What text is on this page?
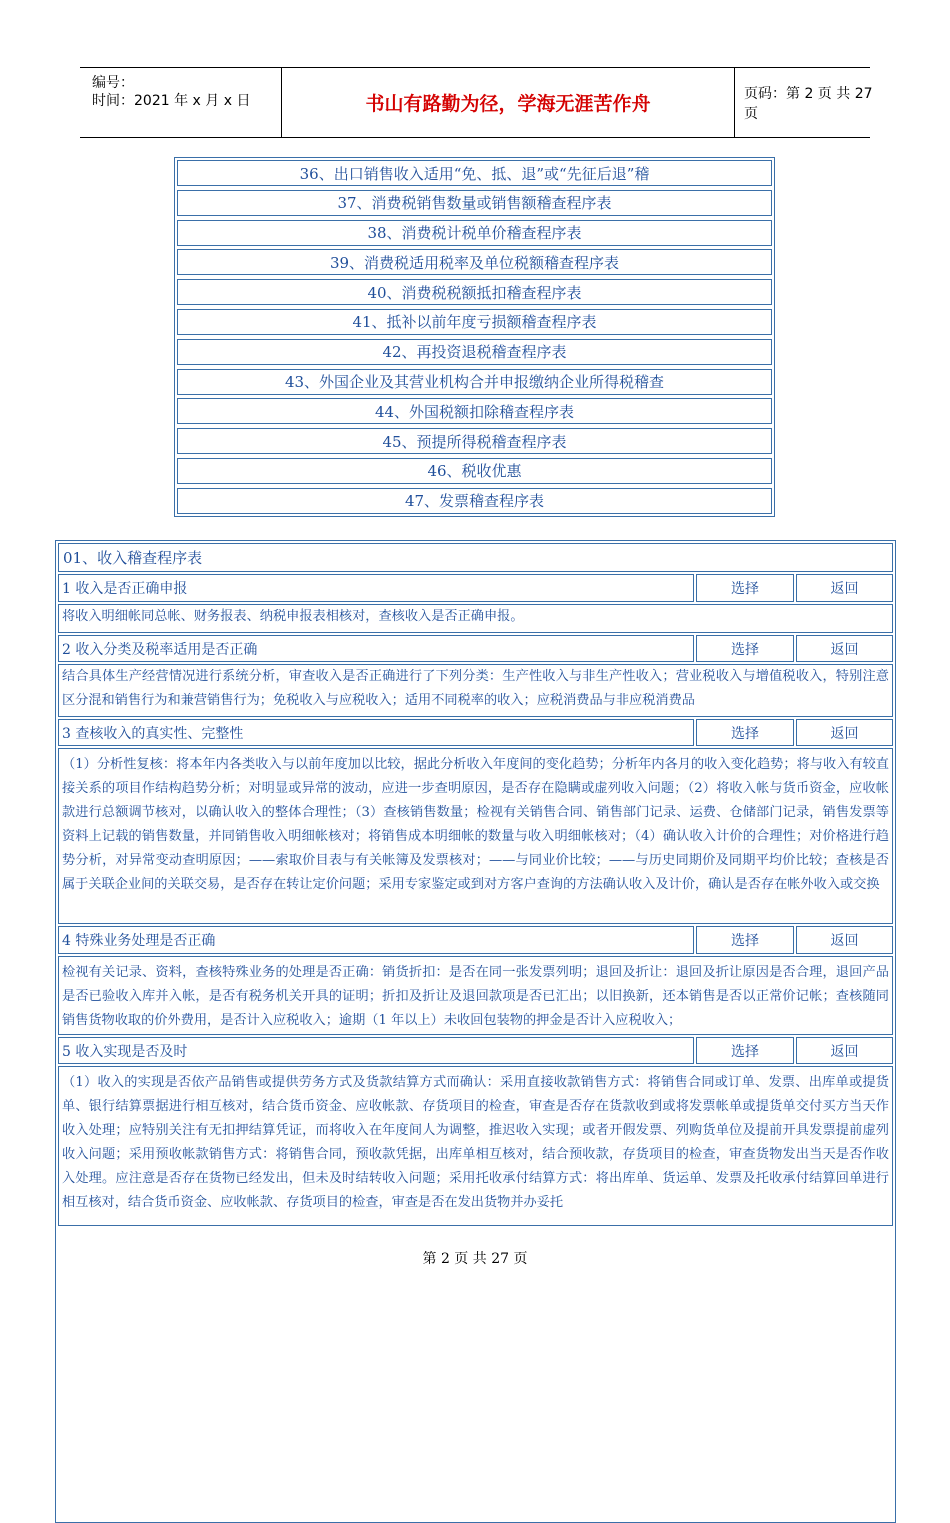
编号：
时间：2021 年 x 月 x 日	书山有路勤为径，学海无涯苦作舟	页码：第 2 页 共 27 页
36、出口销售收入适用“免、抵、退”或“先征后退”稽
37、消费税销售数量或销售额稽查程序表
38、消费税计税单价稽查程序表
39、消费税适用税率及单位税额稽查程序表
40、消费税税额抵扣稽查程序表
41、抵补以前年度亏损额稽查程序表
42、再投资退税稽查程序表
43、外国企业及其营业机构合并申报缴纳企业所得税稽查
44、外国税额扣除稽查程序表
45、预提所得税稽查程序表
46、税收优惠
47、发票稽查程序表
01、收入稽查程序表
1 收入是否正确申报	选择	返回
将收入明细帐同总帐、财务报表、纳税申报表相核对，查核收入是否正确申报。
2 收入分类及税率适用是否正确	选择	返回
结合具体生产经营情况进行系统分析，审查收入是否正确进行了下列分类：生产性收入与非生产性收入；营业税收入与增值税收入，特别注意区分混和销售行为和兼营销售行为；免税收入与应税收入；适用不同税率的收入；应税消费品与非应税消费品
3 查核收入的真实性、完整性	选择	返回
（1）分析性复核：将本年内各类收入与以前年度加以比较，据此分析收入年度间的变化趋势；分析年内各月的收入变化趋势；将与收入有较直接关系的项目作结构趋势分析；对明显或异常的波动，应进一步查明原因，是否存在隐瞒或虚列收入问题；（2）将收入帐与货币资金，应收帐款进行总额调节核对，以确认收入的整体合理性；（3）查核销售数量；检视有关销售合同、销售部门记录、运费、仓储部门记录，销售发票等资料上记载的销售数量，并同销售收入明细帐核对；将销售成本明细帐的数量与收入明细帐核对；（4）确认收入计价的合理性；对价格进行趋势分析，对异常变动查明原因；——索取价目表与有关帐簿及发票核对；——与同业价比较；——与历史同期价及同期平均价比较；查核是否属于关联企业间的关联交易，是否存在转让定价问题；采用专家鉴定或到对方客户查询的方法确认收入及计价，确认是否存在帐外收入或交换
4 特殊业务处理是否正确	选择	返回
检视有关记录、资料，查核特殊业务的处理是否正确：销货折扣：是否在同一张发票列明；退回及折让：退回及折让原因是否合理，退回产品是否已验收入库并入帐，是否有税务机关开具的证明；折扣及折让及退回款项是否已汇出；以旧换新，还本销售是否以正常价记帐；查核随同销售货物收取的价外费用，是否计入应税收入；逾期（1 年以上）未收回包装物的押金是否计入应税收入；
5 收入实现是否及时	选择	返回
（1）收入的实现是否依产品销售或提供劳务方式及货款结算方式而确认：采用直接收款销售方式：将销售合同或订单、发票、出库单或提货单、银行结算票据进行相互核对，结合货币资金、应收帐款、存货项目的检查，审查是否存在货款收到或将发票帐单或提货单交付买方当天作收入处理；应特别关注有无扣押结算凭证，而将收入在年度间人为调整，推迟收入实现；或者开假发票、列购货单位及提前开具发票提前虚列收入问题；采用预收帐款销售方式：将销售合同，预收款凭据，出库单相互核对，结合预收款，存货项目的检查，审查货物发出当天是否作收入处理。应注意是否存在货物已经发出，但未及时结转收入问题；采用托收承付结算方式：将出库单、货运单、发票及托收承付结算回单进行相互核对，结合货币资金、应收帐款、存货项目的检查，审查是否在发出货物并办妥托
第 2 页 共 27 页
